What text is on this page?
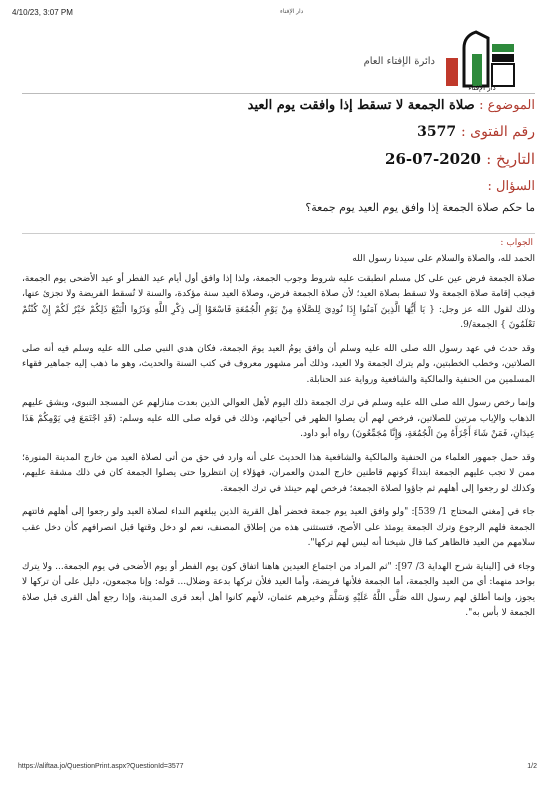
4/10/23, 3:07 PM	دار الإفتاء
دار الإفتاء
دائرة الإفتاء العام
الموضوع : صلاة الجمعة لا تسقط إذا وافقت يوم العيد
رقم الفتوى : 3577
التاريخ : 26-07-2020
السؤال :
ما حكم صلاة الجمعة إذا وافق يوم العيد يوم جمعة؟
الجواب :

الحمد لله، والصلاة والسلام على سيدنا رسول الله

صلاة الجمعة فرض عين على كل مسلم انطبقت عليه شروط وجوب الجمعة، ولذا إذا وافق أول أيام عيد الفطر أو عيد الأضحى يوم الجمعة، فيجب إقامة صلاة الجمعة ولا تسقط بصلاة العيد؛ لأن صلاة الجمعة فرض، وصلاة العيد سنة مؤكدة، والسنة لا تُسقط الفريضة ولا تجزئ عنها، وذلك لقول الله عز وجل: { يَا أَيُّهَا الَّذِينَ آمَنُوا إِذَا نُودِيَ لِلصَّلَاةِ مِنْ يَوْمِ الْجُمُعَةِ فَاسْعَوْا إِلَى ذِكْرِ اللَّهِ وَذَرُوا الْبَيْعَ ذَلِكُمْ خَيْرٌ لَكُمْ إِنْ كُنْتُمْ تَعْلَمُونَ } الجمعة/9.

وقد حدث في عهد رسول الله صلى الله عليه وسلم أن وافق يومُ العيد يومَ الجمعة، فكان هدي النبي صلى الله عليه وسلم فيه أنه صلى الصلاتين، وخطب الخطبتين، ولم يترك الجمعة ولا العيد، وذلك أمر مشهور معروف في كتب السنة والحديث، وهو ما ذهب إليه جماهير فقهاء المسلمين من الحنفية والمالكية والشافعية ورواية عند الحنابلة.

وإنما رخص رسول الله صلى الله عليه وسلم في ترك الجمعة ذلك اليوم لأهل العوالي الذين بعدت منازلهم عن المسجد النبوي، ويشق عليهم الذهاب والإياب مرتين للصلاتين، فرخص لهم أن يصلوا الظهر في أحيائهم، وذلك في قوله صلى الله عليه وسلم: (قَدِ اجْتَمَعَ فِي يَوْمِكُمْ هَذَا عِيدَانِ، فَمَنْ شَاءَ أَجْزَأَهُ مِنَ الْجُمُعَةِ، وَإِنَّا مُجَمِّعُونَ) رواه أبو داود.

وقد حمل جمهور العلماء من الحنفية والمالكية والشافعية هذا الحديث على أنه وارد في حق من أتى لصلاة العيد من خارج المدينة المنورة؛ ممن لا تجب عليهم الجمعة ابتداءً كونهم قاطنين خارج المدن والعمران، فهؤلاء إن انتظروا حتى يصلوا الجمعة كان في ذلك مشقة عليهم، وكذلك لو رجعوا إلى أهلهم ثم جاؤوا لصلاة الجمعة؛ فرخص لهم حينئذ في ترك الجمعة.

جاء في [مغني المحتاج 1/ 539]: "ولو وافق العيد يوم جمعة فحضر أهل القرية الذين يبلغهم النداء لصلاة العيد ولو رجعوا إلى أهلهم فاتتهم الجمعة فلهم الرجوع وترك الجمعة يومئذ على الأصح، فتستثنى هذه من إطلاق المصنف، نعم لو دخل وقتها قبل انصرافهم كأن دخل عقب سلامهم من العيد فالظاهر كما قال شيخنا أنه ليس لهم تركها".

وجاء في [البناية شرح الهداية 3/ 97]: "ثم المراد من اجتماع العيدين هاهنا اتفاق كون يوم الفطر أو يوم الأضحى في يوم الجمعة... ولا يترك بواحد منهما: أي من العيد والجمعة، أما الجمعة فلأنها فريضة، وأما العيد فلأن تركها بدعة وضلال... قوله: وإنا مجمعون، دليل على أن تركها لا يجوز، وإنما أطلق لهم رسول الله صَلَّى اللَّهُ عَلَيْهِ وَسَلَّمَ وخيرهم عثمان، لأنهم كانوا أهل أبعد قرى المدينة، وإذا رجع أهل القرى قبل صلاة الجمعة لا بأس به".

https://aliftaa.jo/QuestionPrint.aspx?QuestionId=3577	1/2
